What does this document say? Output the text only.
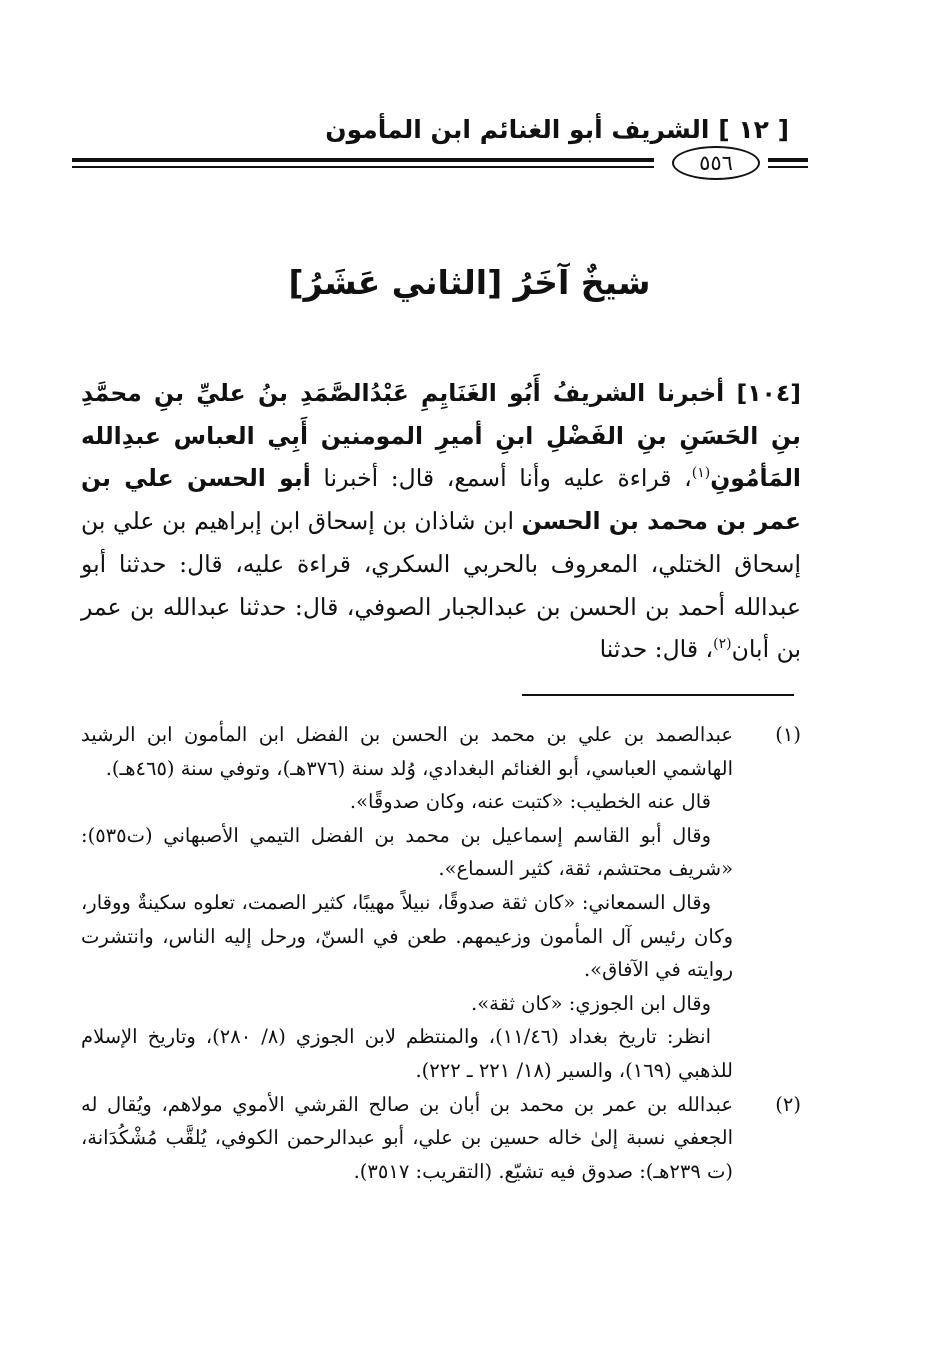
[ ١٢ ] الشريف أبو الغنائم ابن المأمون
٥٥٦
شيخٌ آخَرُ [الثاني عَشَرُ]

[١٠٤] أخبرنا الشريفُ أَبُو الغَنَايِمِ عَبْدُالصَّمَدِ بنُ عليِّ بنِ محمَّدِ بنِ الحَسَنِ بنِ الفَضْلِ ابنِ أميرِ المومنين أَبِي العباس عبدِالله المَأمُونِ$^{(١)}$، قراءة عليه وأنا أسمع، قال: أخبرنا أبو الحسن علي بن عمر بن محمد بن الحسن ابن شاذان بن إسحاق ابن إبراهيم بن علي بن إسحاق الختلي، المعروف بالحربي السكري، قراءة عليه، قال: حدثنا أبو عبدالله أحمد بن الحسن بن عبدالجبار الصوفي، قال: حدثنا عبدالله بن عمر بن أبان$^{(٢)}$، قال: حدثنا

(١)

عبدالصمد بن علي بن محمد بن الحسن بن الفضل ابن المأمون ابن الرشيد الهاشمي العباسي، أبو الغنائم البغدادي، وُلد سنة (٣٧٦هـ)، وتوفي سنة (٤٦٥هـ).

قال عنه الخطيب: «كتبت عنه، وكان صدوقًا».

وقال أبو القاسم إسماعيل بن محمد بن الفضل التيمي الأصبهاني (ت٥٣٥): «شريف محتشم، ثقة، كثير السماع».

وقال السمعاني: «كان ثقة صدوقًا، نبيلاً مهيبًا، كثير الصمت، تعلوه سكينةٌ ووقار، وكان رئيس آل المأمون وزعيمهم. طعن في السنّ، ورحل إليه الناس، وانتشرت روايته في الآفاق».

وقال ابن الجوزي: «كان ثقة».

انظر: تاريخ بغداد (١١/٤٦)، والمنتظم لابن الجوزي (٨/ ٢٨٠)، وتاريخ الإسلام للذهبي (١٦٩)، والسير (١٨/ ٢٢١ ـ ٢٢٢).

(٢)

عبدالله بن عمر بن محمد بن أبان بن صالح القرشي الأموي مولاهم، ويُقال له الجعفي نسبة إلىٰ خاله حسين بن علي، أبو عبدالرحمن الكوفي، يُلقَّب مُشْكُدَانة، (ت ٢٣٩هـ): صدوق فيه تشيّع. (التقريب: ٣٥١٧).
